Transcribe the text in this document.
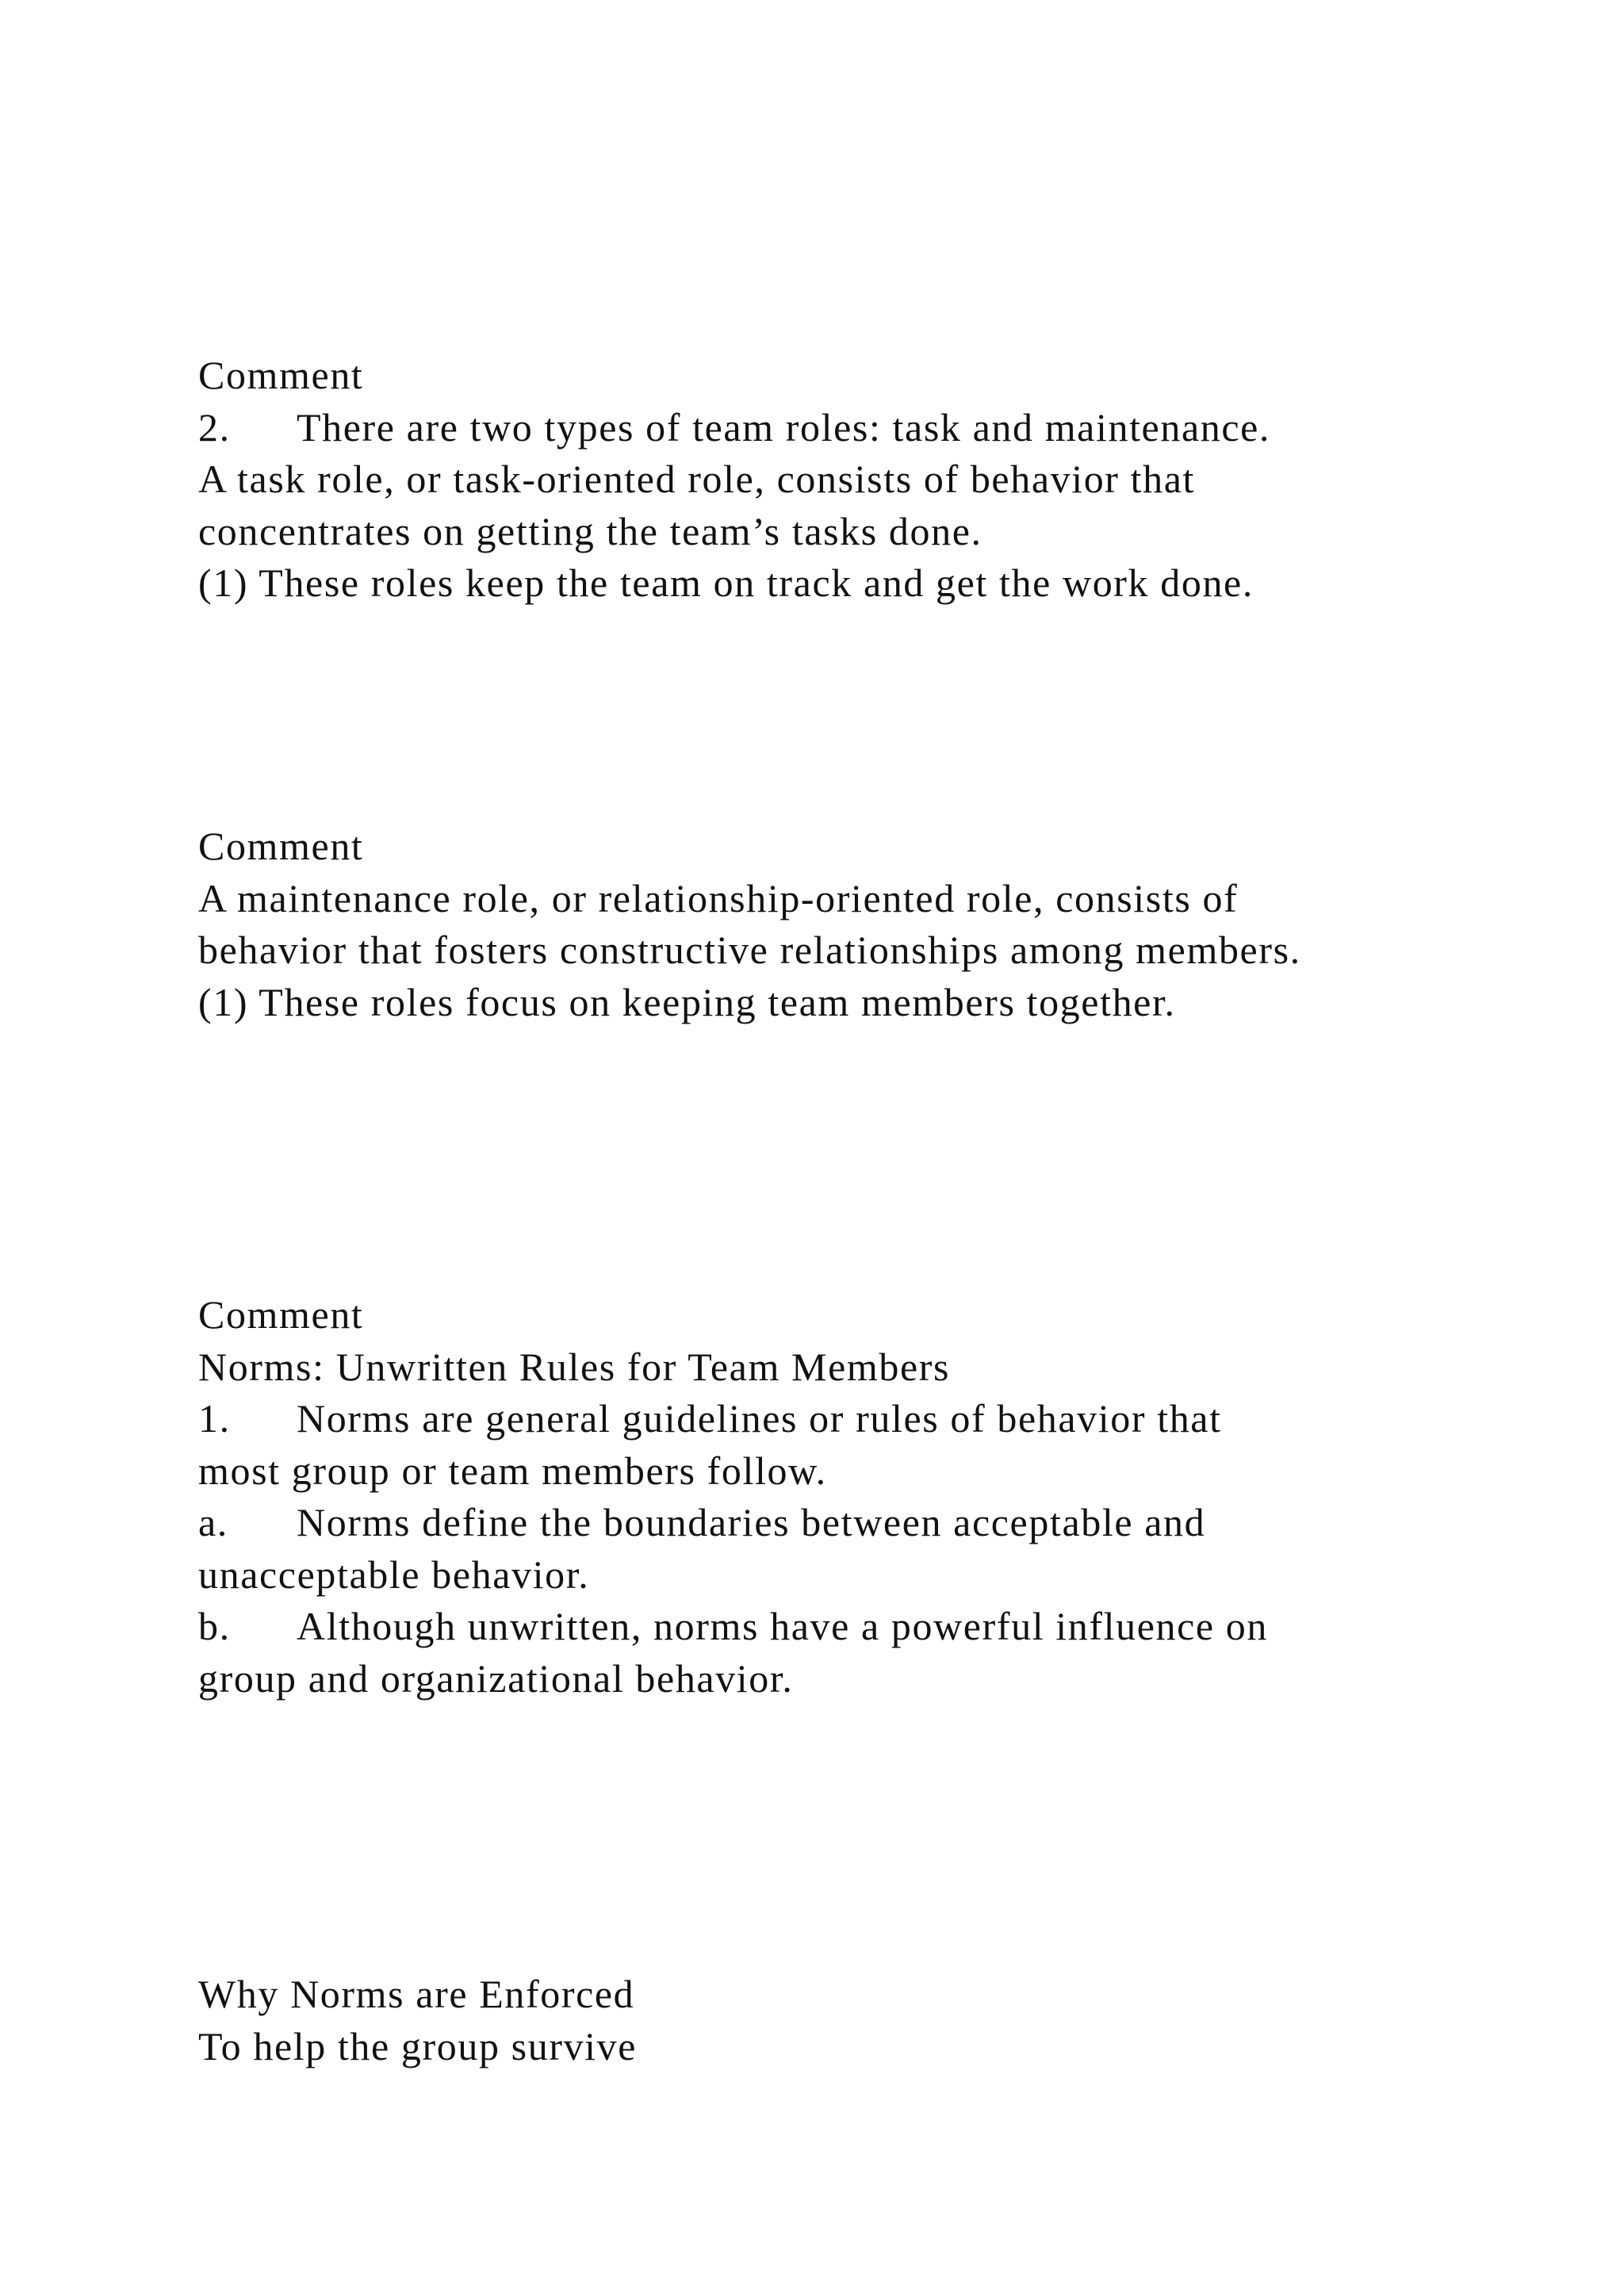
Comment
2. There are two types of team roles: task and maintenance.
A task role, or task-oriented role, consists of behavior that
concentrates on getting the team’s tasks done.
(1) These roles keep the team on track and get the work done.
Comment
A maintenance role, or relationship-oriented role, consists of
behavior that fosters constructive relationships among members.
(1) These roles focus on keeping team members together.
Comment
Norms: Unwritten Rules for Team Members
1. Norms are general guidelines or rules of behavior that
most group or team members follow.
a. Norms define the boundaries between acceptable and
unacceptable behavior.
b. Although unwritten, norms have a powerful influence on
group and organizational behavior.
Why Norms are Enforced
To help the group survive
